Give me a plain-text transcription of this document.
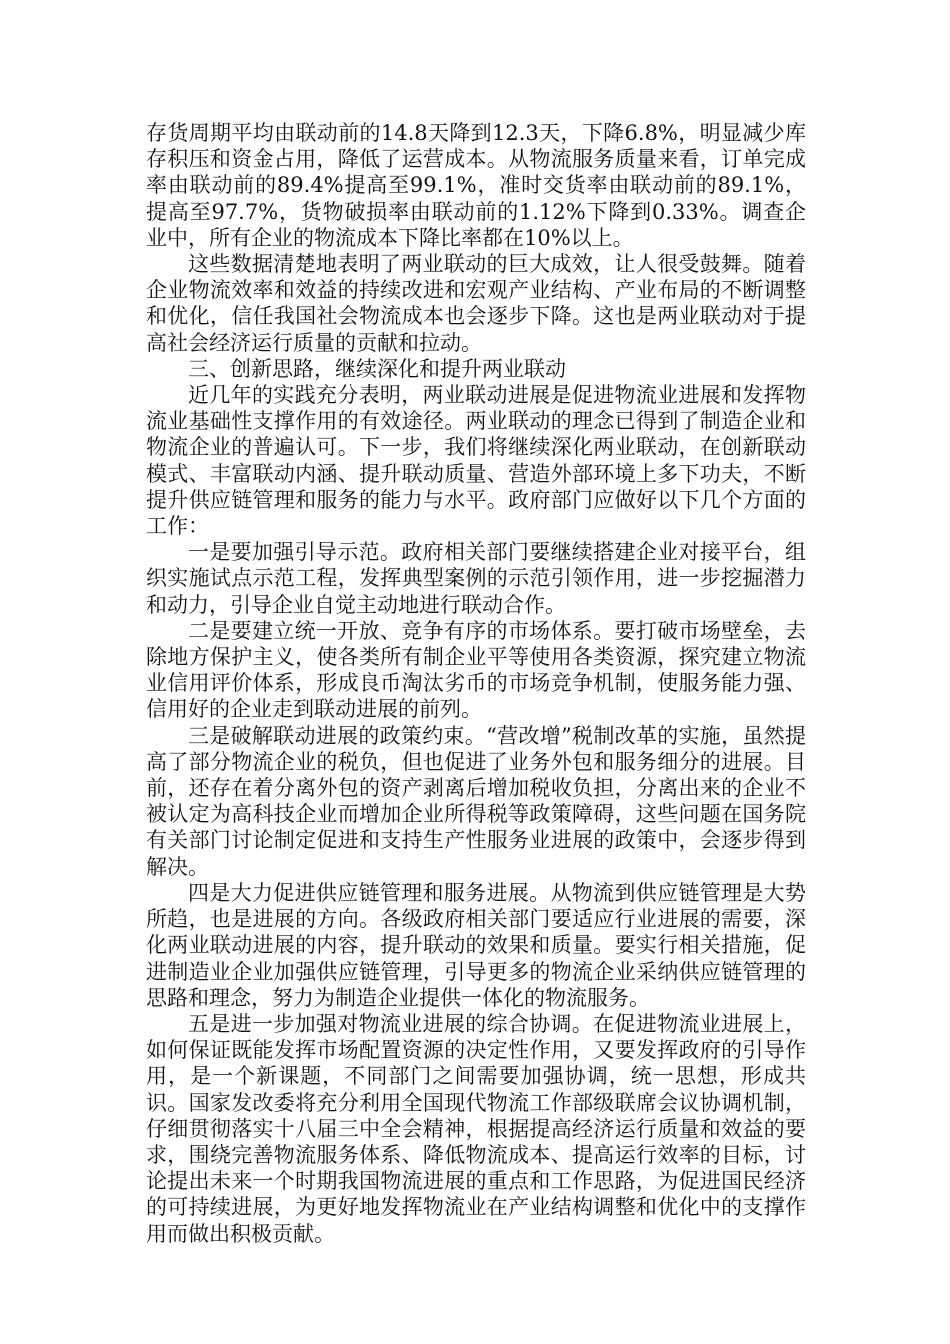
存货周期平均由联动前的14.8天降到12.3天，下降6.8%，明显减少库存积压和资金占用，降低了运营成本。从物流服务质量来看，订单完成率由联动前的89.4%提高至99.1%，准时交货率由联动前的89.1%，提高至97.7%，货物破损率由联动前的1.12%下降到0.33%。调查企业中，所有企业的物流成本下降比率都在10%以上。

这些数据清楚地表明了两业联动的巨大成效，让人很受鼓舞。随着企业物流效率和效益的持续改进和宏观产业结构、产业布局的不断调整和优化，信任我国社会物流成本也会逐步下降。这也是两业联动对于提高社会经济运行质量的贡献和拉动。

三、创新思路，继续深化和提升两业联动

近几年的实践充分表明，两业联动进展是促进物流业进展和发挥物流业基础性支撑作用的有效途径。两业联动的理念已得到了制造企业和物流企业的普遍认可。下一步，我们将继续深化两业联动，在创新联动模式、丰富联动内涵、提升联动质量、营造外部环境上多下功夫，不断提升供应链管理和服务的能力与水平。政府部门应做好以下几个方面的工作：

一是要加强引导示范。政府相关部门要继续搭建企业对接平台，组织实施试点示范工程，发挥典型案例的示范引领作用，进一步挖掘潜力和动力，引导企业自觉主动地进行联动合作。

二是要建立统一开放、竞争有序的市场体系。要打破市场壁垒，去除地方保护主义，使各类所有制企业平等使用各类资源，探究建立物流业信用评价体系，形成良币淘汰劣币的市场竞争机制，使服务能力强、信用好的企业走到联动进展的前列。

三是破解联动进展的政策约束。“营改增”税制改革的实施，虽然提高了部分物流企业的税负，但也促进了业务外包和服务细分的进展。目前，还存在着分离外包的资产剥离后增加税收负担，分离出来的企业不被认定为高科技企业而增加企业所得税等政策障碍，这些问题在国务院有关部门讨论制定促进和支持生产性服务业进展的政策中，会逐步得到解决。

四是大力促进供应链管理和服务进展。从物流到供应链管理是大势所趋，也是进展的方向。各级政府相关部门要适应行业进展的需要，深化两业联动进展的内容，提升联动的效果和质量。要实行相关措施，促进制造业企业加强供应链管理，引导更多的物流企业采纳供应链管理的思路和理念，努力为制造企业提供一体化的物流服务。

五是进一步加强对物流业进展的综合协调。在促进物流业进展上，如何保证既能发挥市场配置资源的决定性作用，又要发挥政府的引导作用，是一个新课题，不同部门之间需要加强协调，统一思想，形成共识。国家发改委将充分利用全国现代物流工作部级联席会议协调机制，仔细贯彻落实十八届三中全会精神，根据提高经济运行质量和效益的要求，围绕完善物流服务体系、降低物流成本、提高运行效率的目标，讨论提出未来一个时期我国物流进展的重点和工作思路，为促进国民经济的可持续进展，为更好地发挥物流业在产业结构调整和优化中的支撑作用而做出积极贡献。
